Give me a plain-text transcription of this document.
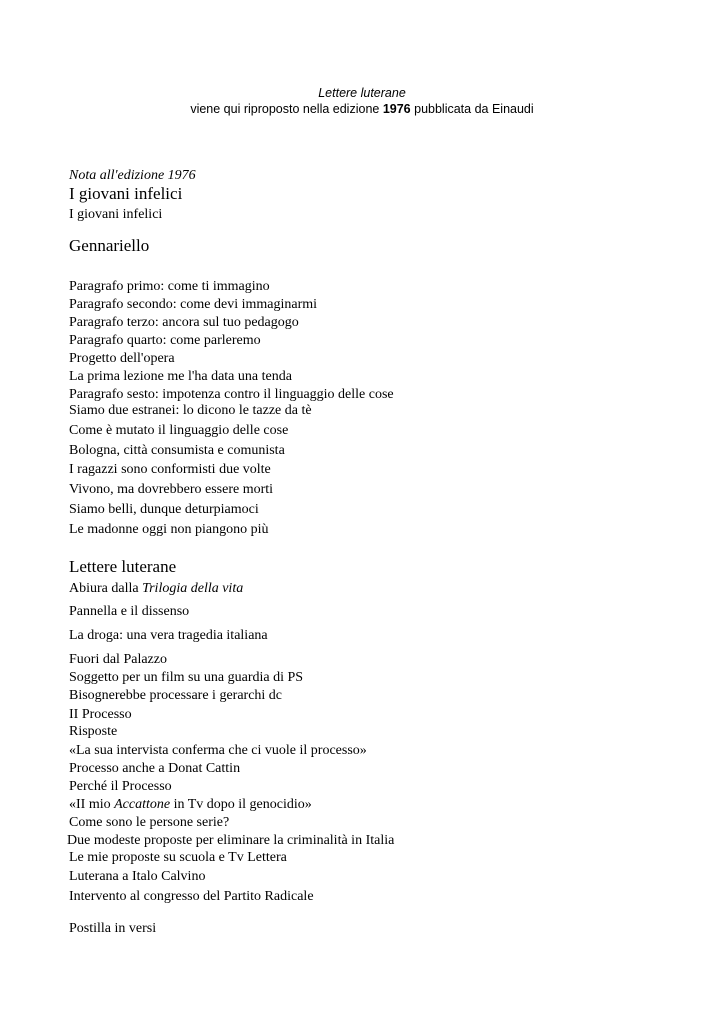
Lettere luterane
viene qui riproposto nella edizione 1976 pubblicata da Einaudi
Nota all'edizione 1976
I giovani infelici
I giovani infelici
Gennariello
Paragrafo primo: come ti immagino
Paragrafo secondo: come devi immaginarmi
Paragrafo terzo: ancora sul tuo pedagogo
Paragrafo quarto: come parleremo
Progetto dell'opera
La prima lezione me l'ha data una tenda
Paragrafo sesto: impotenza contro il linguaggio delle cose
Siamo due estranei: lo dicono le tazze da tè
Come è mutato il linguaggio delle cose
Bologna, città consumista e comunista
I ragazzi sono conformisti due volte
Vivono, ma dovrebbero essere morti
Siamo belli, dunque deturpiamoci
Le madonne oggi non piangono più
Lettere luterane
Abiura dalla Trilogia della vita
Pannella e il dissenso
La droga: una vera tragedia italiana
Fuori dal Palazzo
Soggetto per un film su una guardia di PS
Bisognerebbe processare i gerarchi dc
II Processo
Risposte
«La sua intervista conferma che ci vuole il processo»
Processo anche a Donat Cattin
Perché il Processo
«II mio Accattone in Tv dopo il genocidio»
Come sono le persone serie?
Due modeste proposte per eliminare la criminalità in Italia
Le mie proposte su scuola e Tv Lettera
Luterana a Italo Calvino
Intervento al congresso del Partito Radicale
Postilla in versi
